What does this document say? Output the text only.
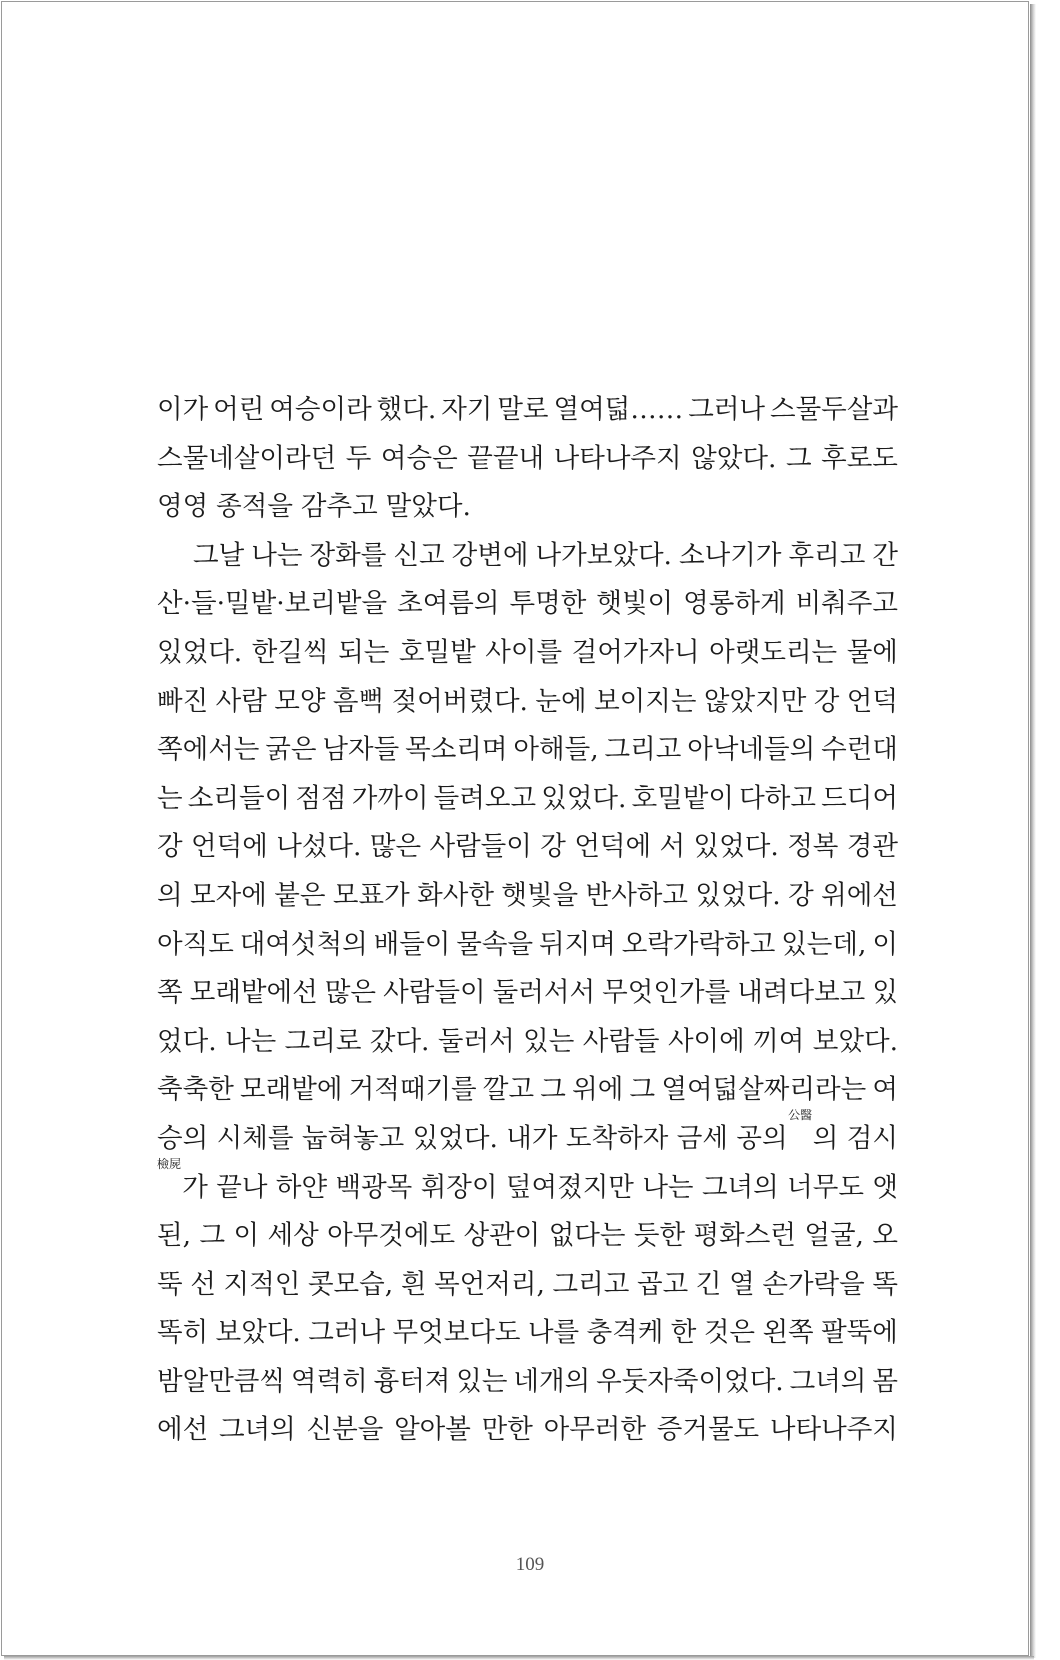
이가 어린 여승이라 했다. 자기 말로 열여덟…… 그러나 스물두살과
스물네살이라던 두 여승은 끝끝내 나타나주지 않았다. 그 후로도
영영 종적을 감추고 말았다.
그날 나는 장화를 신고 강변에 나가보았다. 소나기가 후리고 간
산·들·밀밭·보리밭을 초여름의 투명한 햇빛이 영롱하게 비춰주고
있었다. 한길씩 되는 호밀밭 사이를 걸어가자니 아랫도리는 물에
빠진 사람 모양 흠뻑 젖어버렸다. 눈에 보이지는 않았지만 강 언덕
쪽에서는 굵은 남자들 목소리며 아해들, 그리고 아낙네들의 수런대
는 소리들이 점점 가까이 들려오고 있었다. 호밀밭이 다하고 드디어
강 언덕에 나섰다. 많은 사람들이 강 언덕에 서 있었다. 정복 경관
의 모자에 붙은 모표가 화사한 햇빛을 반사하고 있었다. 강 위에선
아직도 대여섯척의 배들이 물속을 뒤지며 오락가락하고 있는데, 이
쪽 모래밭에선 많은 사람들이 둘러서서 무엇인가를 내려다보고 있
었다. 나는 그리로 갔다. 둘러서 있는 사람들 사이에 끼여 보았다.
축축한 모래밭에 거적때기를 깔고 그 위에 그 열여덟살짜리라는 여
승의 시체를 눕혀놓고 있었다. 내가 도착하자 금세 공의
公醫
의 검시
檢屍
가 끝나 하얀 백광목 휘장이 덮여졌지만 나는 그녀의 너무도 앳
된, 그 이 세상 아무것에도 상관이 없다는 듯한 평화스런 얼굴, 오
뚝 선 지적인 콧모습, 흰 목언저리, 그리고 곱고 긴 열 손가락을 똑
똑히 보았다. 그러나 무엇보다도 나를 충격케 한 것은 왼쪽 팔뚝에
밤알만큼씩 역력히 흉터져 있는 네개의 우둣자죽이었다. 그녀의 몸
에선 그녀의 신분을 알아볼 만한 아무러한 증거물도 나타나주지
109
